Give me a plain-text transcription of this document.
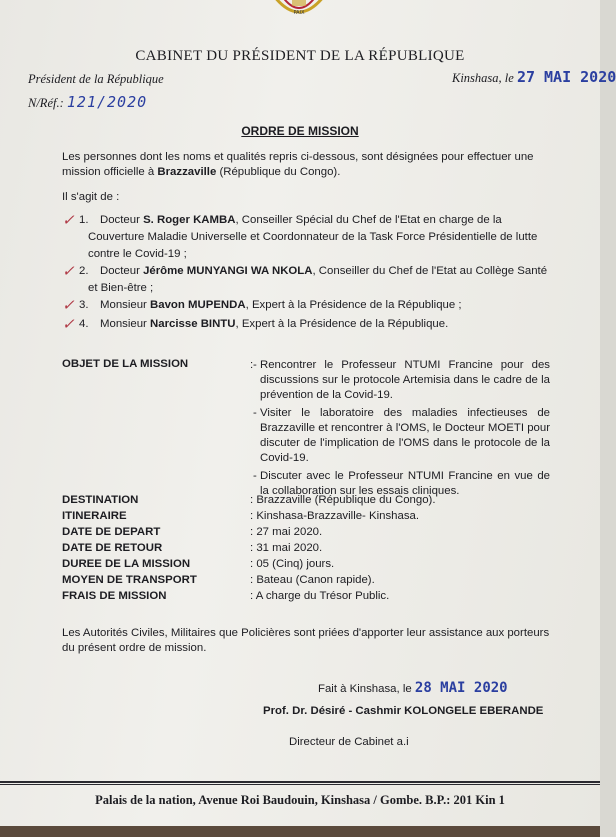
PAIX
CABINET DU PRÉSIDENT DE LA RÉPUBLIQUE
Président de la République	Kinshasa, le 27 MAI 2020
N/Réf.: 121/2020
ORDRE DE MISSION
Les personnes dont les noms et qualités repris ci-dessous, sont désignées pour effectuer une mission officielle à Brazzaville (République du Congo).
Il s'agit de :
✓ 1. Docteur S. Roger KAMBA, Conseiller Spécial du Chef de l'Etat en charge de la Couverture Maladie Universelle et Coordonnateur de la Task Force Présidentielle de lutte contre le Covid-19 ;
✓ 2. Docteur Jérôme MUNYANGI WA NKOLA, Conseiller du Chef de l'Etat au Collège Santé et Bien-être ;
✓ 3. Monsieur Bavon MUPENDA, Expert à la Présidence de la République ;
✓ 4. Monsieur Narcisse BINTU, Expert à la Présidence de la République.
OBJET DE LA MISSION	: - Rencontrer le Professeur NTUMI Francine pour des discussions sur le protocole Artemisia dans le cadre de la prévention de la Covid-19.
- Visiter le laboratoire des maladies infectieuses de Brazzaville et rencontrer à l'OMS, le Docteur MOETI pour discuter de l'implication de l'OMS dans le protocole de la Covid-19.
- Discuter avec le Professeur NTUMI Francine en vue de la collaboration sur les essais cliniques.
DESTINATION	: Brazzaville (République du Congo).
ITINERAIRE	: Kinshasa-Brazzaville- Kinshasa.
DATE DE DEPART	: 27 mai 2020.
DATE DE RETOUR	: 31 mai 2020.
DUREE DE LA MISSION	: 05 (Cinq) jours.
MOYEN DE TRANSPORT	: Bateau (Canon rapide).
FRAIS DE MISSION	: A charge du Trésor Public.
Les Autorités Civiles, Militaires que Policières sont priées d'apporter leur assistance aux porteurs du présent ordre de mission.
Fait à Kinshasa, le 28 MAI 2020
Prof. Dr. Désiré - Cashmir KOLONGELE EBERANDE
Directeur de Cabinet a.i
Palais de la nation, Avenue Roi Baudouin, Kinshasa / Gombe. B.P.: 201 Kin 1
